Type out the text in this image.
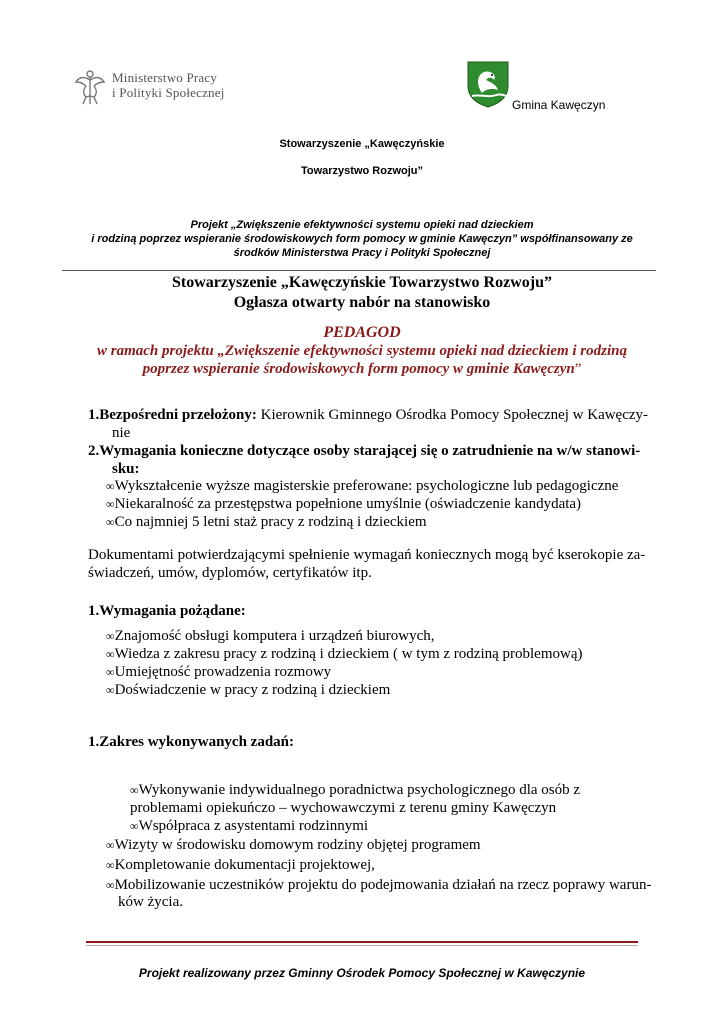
Ministerstwo Pracy
i Polityki Społecznej
Gmina Kawęczyn
Stowarzyszenie „Kawęczyńskie
Towarzystwo Rozwoju”
Projekt „Zwiększenie efektywności systemu opieki nad dzieckiem
i rodziną poprzez wspieranie środowiskowych form pomocy w gminie Kawęczyn” współfinansowany ze
środków Ministerstwa Pracy i Polityki Społecznej
Stowarzyszenie „Kawęczyńskie Towarzystwo Rozwoju”
Ogłasza otwarty nabór na stanowisko
PEDAGOD
w ramach projektu „Zwiększenie efektywności systemu opieki nad dzieckiem i rodziną
poprzez wspieranie środowiskowych form pomocy w gminie Kawęczyn”
1.Bezpośredni przełożony: Kierownik Gminnego Ośrodka Pomocy Społecznej w Kawęczy-
nie
2.Wymagania konieczne dotyczące osoby starającej się o zatrudnienie na w/w stanowi-
sku:
∞Wykształcenie wyższe magisterskie preferowane: psychologiczne lub pedagogiczne
∞Niekaralność za przestępstwa popełnione umyślnie (oświadczenie kandydata)
∞Co najmniej 5 letni staż pracy z rodziną i dzieckiem
Dokumentami potwierdzającymi spełnienie wymagań koniecznych mogą być kserokopie za-
świadczeń, umów, dyplomów, certyfikatów itp.
1.Wymagania pożądane:
∞Znajomość obsługi komputera i urządzeń biurowych,
∞Wiedza z zakresu pracy z rodziną i dzieckiem ( w tym z rodziną problemową)
∞Umiejętność prowadzenia rozmowy
∞Doświadczenie w pracy z rodziną i dzieckiem
1.Zakres wykonywanych zadań:
∞Wykonywanie indywidualnego poradnictwa psychologicznego dla osób z
problemami opiekuńczo – wychowawczymi z terenu gminy Kawęczyn
∞Współpraca z asystentami rodzinnymi
∞Wizyty w środowisku domowym rodziny objętej programem
∞Kompletowanie dokumentacji projektowej,
∞Mobilizowanie uczestników projektu do podejmowania działań na rzecz poprawy warun-
ków życia.
Projekt realizowany przez Gminny Ośrodek Pomocy Społecznej w Kawęczynie
